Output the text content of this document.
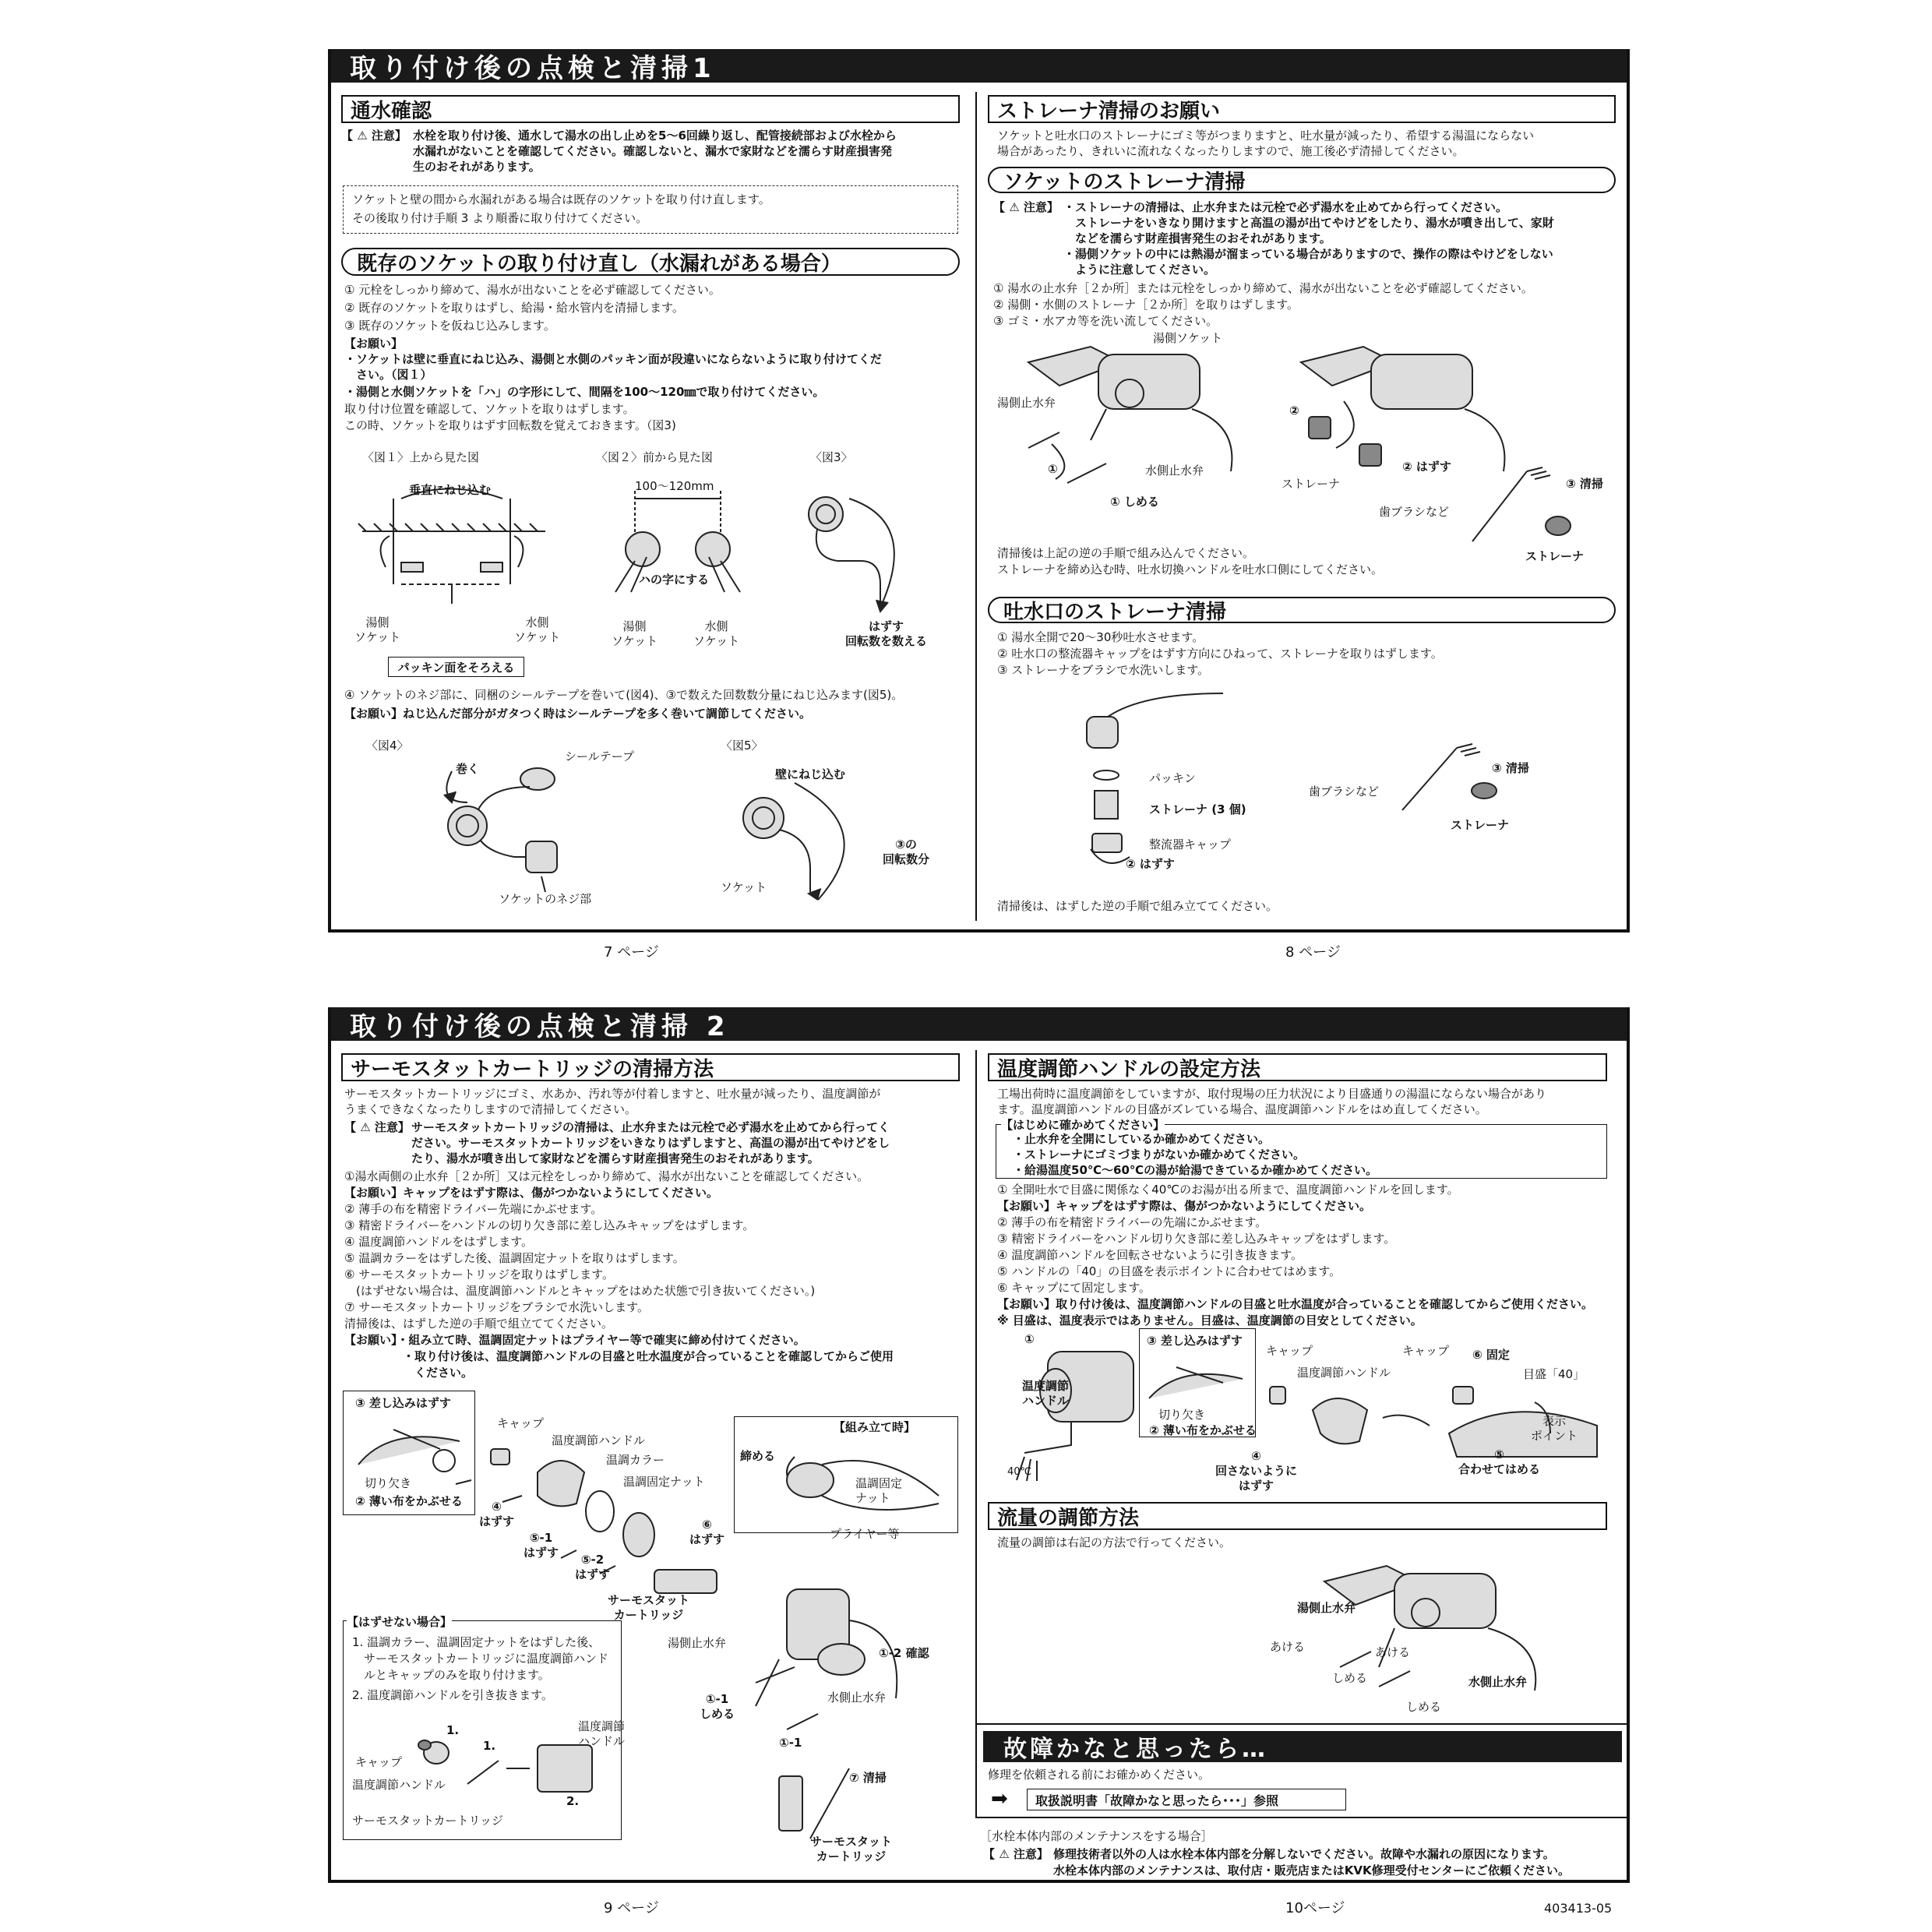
取り付け後の点検と清掃1
通水確認
【 ⚠ 注意】 水栓を取り付け後、通水して湯水の出し止めを5～6回繰り返し、配管接続部および水栓から
水漏れがないことを確認してください。確認しないと、漏水で家財などを濡らす財産損害発
生のおそれがあります。
ソケットと壁の間から水漏れがある場合は既存のソケットを取り付け直します。
その後取り付け手順 3 より順番に取り付けてください。
既存のソケットの取り付け直し（水漏れがある場合）
① 元栓をしっかり締めて、湯水が出ないことを必ず確認してください。
② 既存のソケットを取りはずし、給湯・給水管内を清掃します。
③ 既存のソケットを仮ねじ込みします。
【お願い】
・ソケットは壁に垂直にねじ込み、湯側と水側のパッキン面が段違いにならないように取り付けてくだ
　さい。（図１）
・湯側と水側ソケットを「ハ」の字形にして、間隔を100～120㎜で取り付けてください。
取り付け位置を確認して、ソケットを取りはずします。
この時、ソケットを取りはずす回転数を覚えておきます。（図3)
〈図１〉上から見た図	〈図２〉前から見た図	〈図3〉
垂直にねじ込む
湯側
ソケット
水側
ソケット
パッキン面をそろえる
100～120mm
ハの字にする
湯側
ソケット
水側
ソケット
はずす
回転数を数える
④ ソケットのネジ部に、同梱のシールテープを巻いて(図4)、③で数えた回数数分量にねじ込みます(図5)。
【お願い】ねじ込んだ部分がガタつく時はシールテープを多く巻いて調節してください。
〈図4〉	〈図5〉
巻く
シールテープ
ソケットのネジ部
壁にねじ込む
③の
回転数分
ソケット
7 ページ
ストレーナ清掃のお願い
ソケットと吐水口のストレーナにゴミ等がつまりますと、吐水量が減ったり、希望する湯温にならない
場合があったり、きれいに流れなくなったりしますので、施工後必ず清掃してください。
ソケットのストレーナ清掃
【 ⚠ 注意】 ・ストレーナの清掃は、止水弁または元栓で必ず湯水を止めてから行ってください。
　ストレーナをいきなり開けますと高温の湯が出てやけどをしたり、湯水が噴き出して、家財
　などを濡らす財産損害発生のおそれがあります。
・湯側ソケットの中には熱湯が溜まっている場合がありますので、操作の際はやけどをしない
　ように注意してください。
① 湯水の止水弁［２か所］または元栓をしっかり締めて、湯水が出ないことを必ず確認してください。
② 湯側・水側のストレーナ［２か所］を取りはずします。
③ ゴミ・水アカ等を洗い流してください。
湯側ソケット
湯側止水弁
①
① しめる
水側止水弁
②
ストレーナ
② はずす
③ 清掃
歯ブラシなど
ストレーナ
清掃後は上記の逆の手順で組み込んでください。
ストレーナを締め込む時、吐水切換ハンドルを吐水口側にしてください。
吐水口のストレーナ清掃
① 湯水全開で20～30秒吐水させます。
② 吐水口の整流器キャップをはずす方向にひねって、ストレーナを取りはずします。
③ ストレーナをブラシで水洗いします。
パッキン
ストレーナ (3 個)
整流器キャップ
② はずす
③ 清掃
歯ブラシなど
ストレーナ
清掃後は、はずした逆の手順で組み立ててください。
8 ページ
取り付け後の点検と清掃 2
サーモスタットカートリッジの清掃方法
サーモスタットカートリッジにゴミ、水あか、汚れ等が付着しますと、吐水量が減ったり、温度調節が
うまくできなくなったりしますので清掃してください。
【 ⚠ 注意】 サーモスタットカートリッジの清掃は、止水弁または元栓で必ず湯水を止めてから行ってく
ださい。サーモスタットカートリッジをいきなりはずしますと、高温の湯が出てやけどをし
たり、湯水が噴き出して家財などを濡らす財産損害発生のおそれがあります。
①湯水両側の止水弁［２か所］又は元栓をしっかり締めて、湯水が出ないことを確認してください。
【お願い】キャップをはずす際は、傷がつかないようにしてください。
② 薄手の布を精密ドライバー先端にかぶせます。
③ 精密ドライバーをハンドルの切り欠き部に差し込みキャップをはずします。
④ 温度調節ハンドルをはずします。
⑤ 温調カラーをはずした後、温調固定ナットを取りはずします。
⑥ サーモスタットカートリッジを取りはずします。
　(はずせない場合は、温度調節ハンドルとキャップをはめた状態で引き抜いてください。)
⑦ サーモスタットカートリッジをブラシで水洗いします。
清掃後は、はずした逆の手順で組立ててください。
【お願い】・組み立て時、温調固定ナットはプライヤー等で確実に締め付けてください。
　　　　　・取り付け後は、温度調節ハンドルの目盛と吐水温度が合っていることを確認してからご使用
　　　　　　ください。
③ 差し込みはずす
切り欠き
② 薄い布をかぶせる
キャップ
温度調節ハンドル
温調カラー
温調固定ナット
④
はずす
⑤-1
はずす	⑤-2
はずす
⑥
はずす
サーモスタット
カートリッジ
【組み立て時】
締める
温調固定
ナット
プライヤー等
湯側止水弁
①-2 確認
①-1
しめる
水側止水弁
①-1
⑦ 清掃
サーモスタット
カートリッジ
【はずせない場合】
1. 温調カラー、温調固定ナットをはずした後、
　サーモスタットカートリッジに温度調節ハンド
　ルとキャップのみを取り付けます。
2. 温度調節ハンドルを引き抜きます。
1.
1.
キャップ
温度調節ハンドル
温度調節
ハンドル
2.
サーモスタットカートリッジ
9 ページ
温度調節ハンドルの設定方法
工場出荷時に温度調節をしていますが、取付現場の圧力状況により目盛通りの湯温にならない場合があり
ます。温度調節ハンドルの目盛がズレている場合、温度調節ハンドルをはめ直してください。
【はじめに確かめてください】
・止水弁を全開にしているか確かめてください。
・ストレーナにゴミづまりがないか確かめてください。
・給湯温度50℃～60℃の湯が給湯できているか確かめてください。
① 全開吐水で目盛に関係なく40℃のお湯が出る所まで、温度調節ハンドルを回します。
【お願い】キャップをはずす際は、傷がつかないようにしてください。
② 薄手の布を精密ドライバーの先端にかぶせます。
③ 精密ドライバーをハンドル切り欠き部に差し込みキャップをはずします。
④ 温度調節ハンドルを回転させないように引き抜きます。
⑤ ハンドルの「40」の目盛を表示ポイントに合わせてはめます。
⑥ キャップにて固定します。
【お願い】取り付け後は、温度調節ハンドルの目盛と吐水温度が合っていることを確認してからご使用ください。
※ 目盛は、温度表示ではありません。目盛は、温度調節の目安としてください。
①
温度調節
ハンドル
40℃
③ 差し込みはずす
キャップ
温度調節ハンドル
切り欠き
② 薄い布をかぶせる
④
回さないように
はずす
キャップ ⑥ 固定
目盛「40」
表示
ポイント
⑤
合わせてはめる
流量の調節方法
流量の調節は右記の方法で行ってください。
湯側止水弁
あける
しめる
あける
しめる
水側止水弁
故障かなと思ったら…
修理を依頼される前にお確かめください。
➡	取扱説明書「故障かなと思ったら･･･」参照
［水栓本体内部のメンテナンスをする場合］
【 ⚠ 注意】 修理技術者以外の人は水栓本体内部を分解しないでください。故障や水漏れの原因になります。
水栓本体内部のメンテナンスは、取付店・販売店またはKVK修理受付センターにご依頼ください。
10ページ	403413-05
